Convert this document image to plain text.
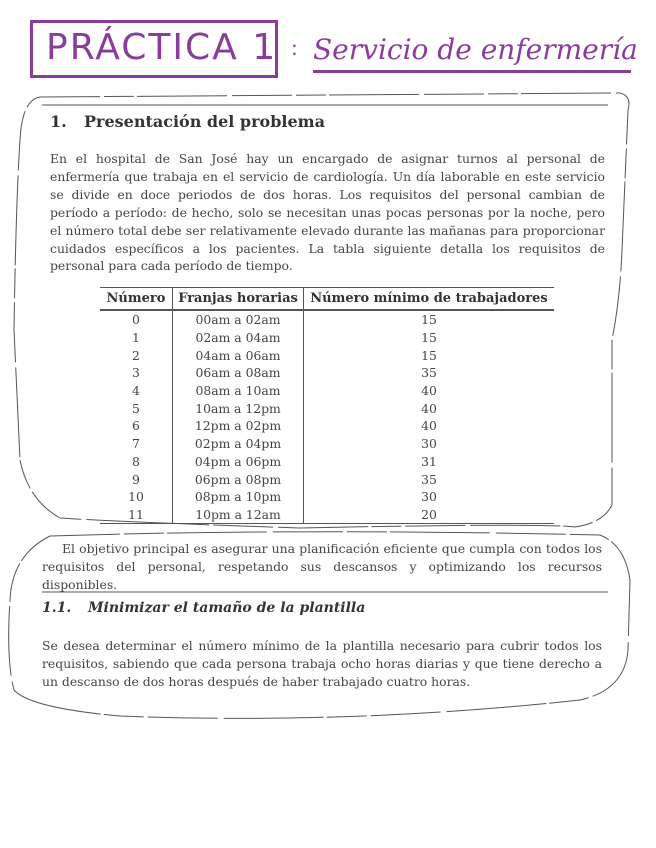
PRÁCTICA 1 : Servicio de enfermería
1. Presentación del problema

En el hospital de San José hay un encargado de asignar turnos al personal de enfermería que trabaja en el servicio de cardiología. Un día laborable en este servicio se divide en doce periodos de dos horas. Los requisitos del personal cambian de período a período: de hecho, solo se necesitan unas pocas personas por la noche, pero el número total debe ser relativamente elevado durante las mañanas para proporcionar cuidados específicos a los pacientes. La tabla siguiente detalla los requisitos de personal para cada período de tiempo.

Número	Franjas horarias	Número mínimo de trabajadores
0	00am a 02am	15
1	02am a 04am	15
2	04am a 06am	15
3	06am a 08am	35
4	08am a 10am	40
5	10am a 12pm	40
6	12pm a 02pm	40
7	02pm a 04pm	30
8	04pm a 06pm	31
9	06pm a 08pm	35
10	08pm a 10pm	30
11	10pm a 12am	20

El objetivo principal es asegurar una planificación eficiente que cumpla con todos los requisitos del personal, respetando sus descansos y optimizando los recursos disponibles.

1.1. Minimizar el tamaño de la plantilla

Se desea determinar el número mínimo de la plantilla necesario para cubrir todos los requisitos, sabiendo que cada persona trabaja ocho horas diarias y que tiene derecho a un descanso de dos horas después de haber trabajado cuatro horas.
